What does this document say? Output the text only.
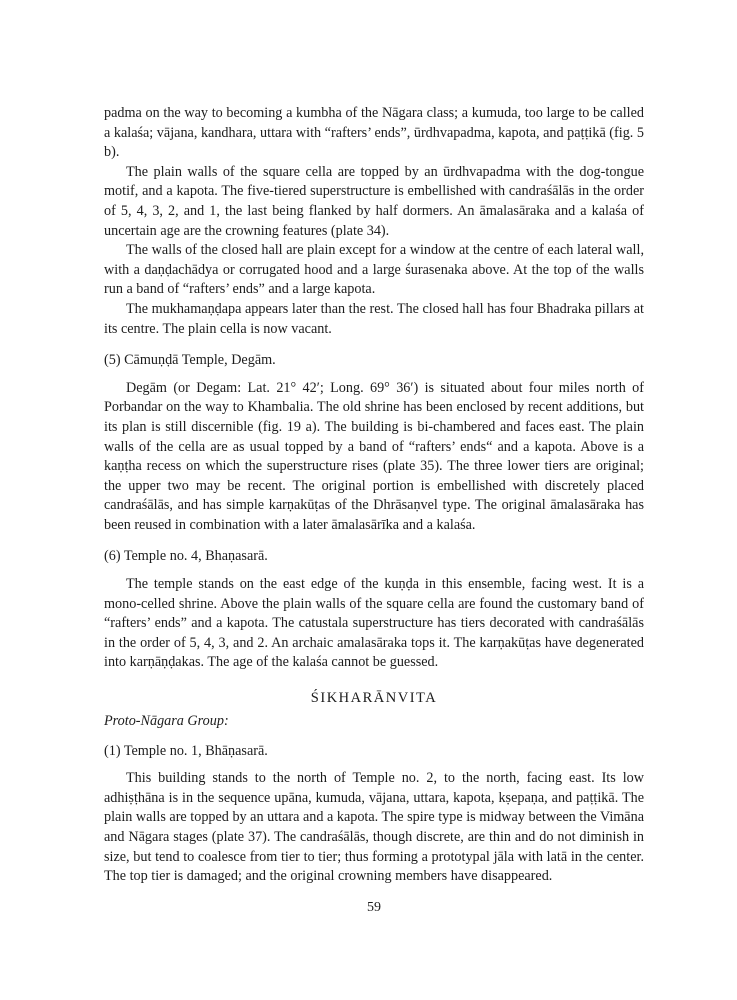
padma on the way to becoming a kumbha of the Nāgara class; a kumuda, too large to be called a kalaśa; vājana, kandhara, uttara with “rafters’ ends”, ūrdhvapadma, kapota, and paṭṭikā (fig. 5 b).

The plain walls of the square cella are topped by an ūrdhvapadma with the dog-tongue motif, and a kapota. The five-tiered superstructure is embellished with candraśālās in the order of 5, 4, 3, 2, and 1, the last being flanked by half dormers. An āmalasāraka and a kalaśa of uncertain age are the crowning features (plate 34).

The walls of the closed hall are plain except for a window at the centre of each lateral wall, with a daṇḍachādya or corrugated hood and a large śurasenaka above. At the top of the walls run a band of “rafters’ ends” and a large kapota.

The mukhamaṇḍapa appears later than the rest. The closed hall has four Bhadraka pillars at its centre. The plain cella is now vacant.

(5) Cāmuṇḍā Temple, Degām.

Degām (or Degam: Lat. 21° 42′; Long. 69° 36′) is situated about four miles north of Porbandar on the way to Khambalia. The old shrine has been enclosed by recent additions, but its plan is still discernible (fig. 19 a). The building is bi-chambered and faces east. The plain walls of the cella are as usual topped by a band of “rafters’ ends“ and a kapota. Above is a kaṇṭha recess on which the superstructure rises (plate 35). The three lower tiers are original; the upper two may be recent. The original portion is embellished with discretely placed candraśālās, and has simple karṇakūṭas of the Dhrāsaṇvel type. The original āmalasāraka has been reused in combination with a later āmalasārīka and a kalaśa.

(6) Temple no. 4, Bhaṇasarā.

The temple stands on the east edge of the kuṇḍa in this ensemble, facing west. It is a mono-celled shrine. Above the plain walls of the square cella are found the customary band of “rafters’ ends” and a kapota. The catustala superstructure has tiers decorated with candraśālās in the order of 5, 4, 3, and 2. An archaic amalasāraka tops it. The karṇakūṭas have degenerated into karṇāṇḍakas. The age of the kalaśa cannot be guessed.

ŚIKHARĀNVITA

Proto-Nāgara Group:

(1) Temple no. 1, Bhāṇasarā.

This building stands to the north of Temple no. 2, to the north, facing east. Its low adhiṣṭhāna is in the sequence upāna, kumuda, vājana, uttara, kapota, kṣepaṇa, and paṭṭikā. The plain walls are topped by an uttara and a kapota. The spire type is midway between the Vimāna and Nāgara stages (plate 37). The candraśālās, though discrete, are thin and do not diminish in size, but tend to coalesce from tier to tier; thus forming a prototypal jāla with latā in the center. The top tier is damaged; and the original crowning members have disappeared.

59
